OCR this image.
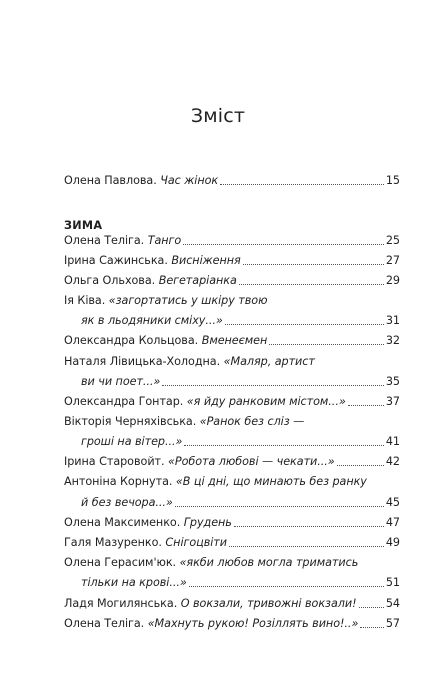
Зміст
Олена Павлова. Час жінок	15
ЗИМА
Олена Теліга. Танго	25
Ірина Сажинська. Виснiження	27
Ольга Ольхова. Вегетаріанка	29
Ія Ківа. «загортатись у шкіру твою
як в льодяники сміху...»	31
Олександра Кольцова. Вменеємен	32
Наталя Лівицька-Холодна. «Маляр, артист
ви чи поет...»	35
Олександра Гонтар. «я йду ранковим містом...»	37
Вікторія Черняхівська. «Ранок без сліз —
гроші на вітер...»	41
Ірина Старовойт. «Робота любові — чекати...»	42
Антоніна Корнута. «В ці дні, що минають без ранку
й без вечора...»	45
Олена Максименко. Грудень	47
Галя Мазуренко. Снігоцвіти	49
Олена Герасим'юк. «якби любов могла триматись
тільки на крові...»	51
Ладя Могилянська. О вокзали, тривожні вокзали!	54
Олена Теліга. «Махнуть рукою! Розіллять вино!..» 57
